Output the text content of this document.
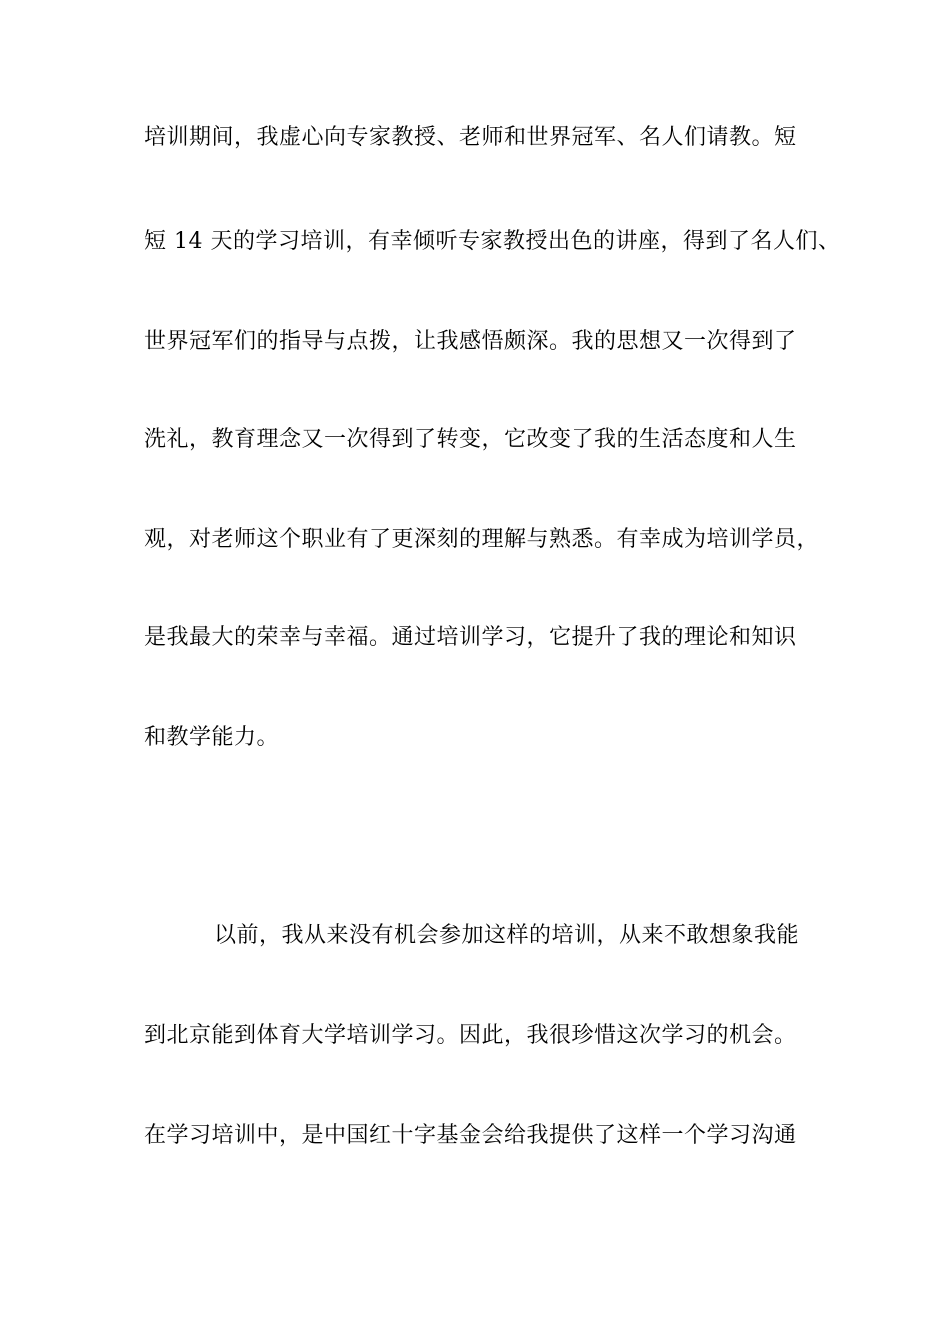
培训期间，我虚心向专家教授、老师和世界冠军、名人们请教。短
短 14 天的学习培训，有幸倾听专家教授出色的讲座，得到了名人们、
世界冠军们的指导与点拨，让我感悟颇深。我的思想又一次得到了
洗礼，教育理念又一次得到了转变，它改变了我的生活态度和人生
观，对老师这个职业有了更深刻的理解与熟悉。有幸成为培训学员，
是我最大的荣幸与幸福。通过培训学习，它提升了我的理论和知识
和教学能力。
以前，我从来没有机会参加这样的培训，从来不敢想象我能
到北京能到体育大学培训学习。因此，我很珍惜这次学习的机会。
在学习培训中，是中国红十字基金会给我提供了这样一个学习沟通
